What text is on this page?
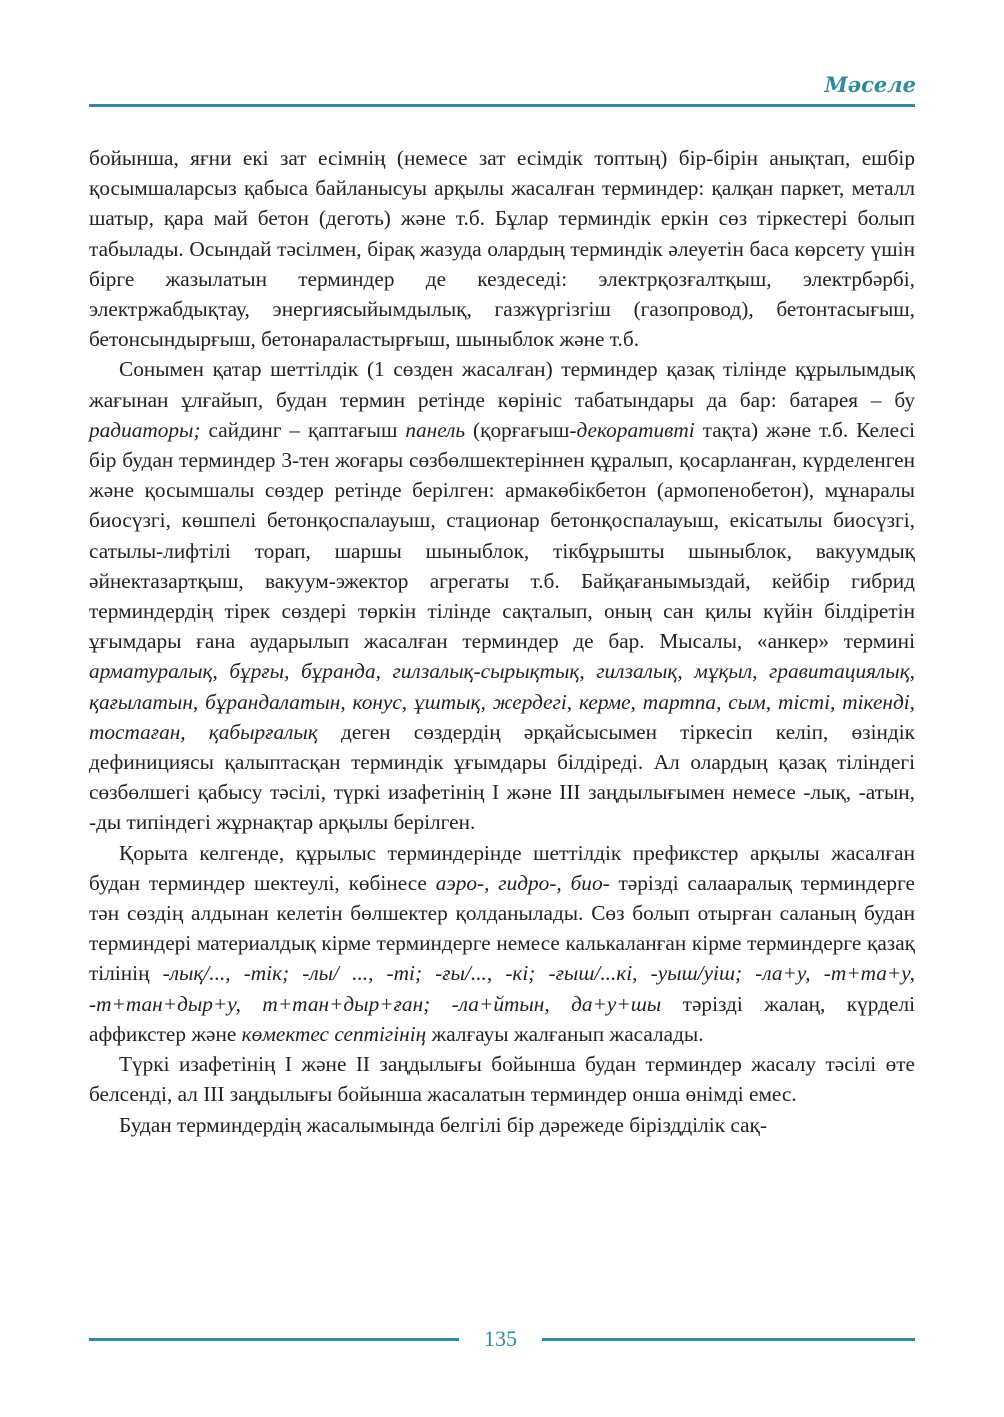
Мәселе

бойынша, яғни екі зат есімнің (немесе зат есімдік топтың) бір-бірін анықтап, ешбір қосымшаларсыз қабыса байланысуы арқылы жасалған терминдер: қалқан паркет, металл шатыр, қара май бетон (деготь) және т.б. Бұлар терминдік еркін сөз тіркестері болып табылады. Осындай тәсілмен, бірақ жазуда олардың терминдік әлеуетін баса көрсету үшін бірге жазылатын терминдер де кездеседі: электрқозғалтқыш, электрбәрбі, электржабдықтау, энергиясыйымдылық, газжүргізгіш (газопровод), бетонтасығыш, бетонсындырғыш, бетонараластырғыш, шыныблок және т.б.

Сонымен қатар шеттілдік (1 сөзден жасалған) терминдер қазақ тілінде құрылымдық жағынан ұлғайып, будан термин ретінде көрініс табатындары да бар: батарея – бу радиаторы; сайдинг – қаптағыш панель (қорғағыш-декоративті тақта) және т.б. Келесі бір будан терминдер 3-тен жоғары сөзбөлшектеріннен құралып, қосарланған, күрделенген және қосымшалы сөздер ретінде берілген: армакөбікбетон (армопенобетон), мұнаралы биосүзгі, көшпелі бетонқоспалауыш, стационар бетонқоспалауыш, екісатылы биосүзгі, сатылы-лифтілі торап, шаршы шыныблок, тікбұрышты шыныблок, вакуумдық әйнектазартқыш, вакуум-эжектор агрегаты т.б. Байқағанымыздай, кейбір гибрид терминдердің тірек сөздері төркін тілінде сақталып, оның сан қилы күйін білдіретін ұғымдары ғана аударылып жасалған терминдер де бар. Мысалы, «анкер» термині арматуралық, бұрғы, бұранда, гилзалық-сырықтық, гилзалық, мұқыл, гравитациялық, қағылатын, бұрандалатын, конус, ұштық, жердегі, керме, тартпа, сым, тісті, тікенді, тостаған, қабырғалық деген сөздердің әрқайсысымен тіркесіп келіп, өзіндік дефинициясы қалыптасқан терминдік ұғымдары білдіреді. Ал олардың қазақ тіліндегі сөзбөлшегі қабысу тәсілі, түркі изафетінің І және ІІІ заңдылығымен немесе -лық, -атын, -ды типіндегі жұрнақтар арқылы берілген.

Қорыта келгенде, құрылыс терминдерінде шеттілдік префикстер арқылы жасалған будан терминдер шектеулі, көбінесе аэро-, гидро-, био- тәрізді салааралық терминдерге тән сөздің алдынан келетін бөлшектер қолданылады. Сөз болып отырған саланың будан терминдері материалдық кірме терминдерге немесе калькаланған кірме терминдерге қазақ тілінің -лық/..., -тік; -лы/ ..., -ті; -ғы/..., -кі; -ғыш/...кі, -уыш/уіш; -ла+у, -т+та+у, -т+тан+дыр+у, т+тан+дыр+ған; -ла+йтын, да+у+шы тәрізді жалаң, күрделі аффикстер және көмектес септігінің жалғауы жалғанып жасалады.

Түркі изафетінің І және ІІ заңдылығы бойынша будан терминдер жасалу тәсілі өте белсенді, ал ІІІ заңдылығы бойынша жасалатын терминдер онша өнімді емес.

Будан терминдердің жасалымында белгілі бір дәрежеде біріздділік сақ-

135
